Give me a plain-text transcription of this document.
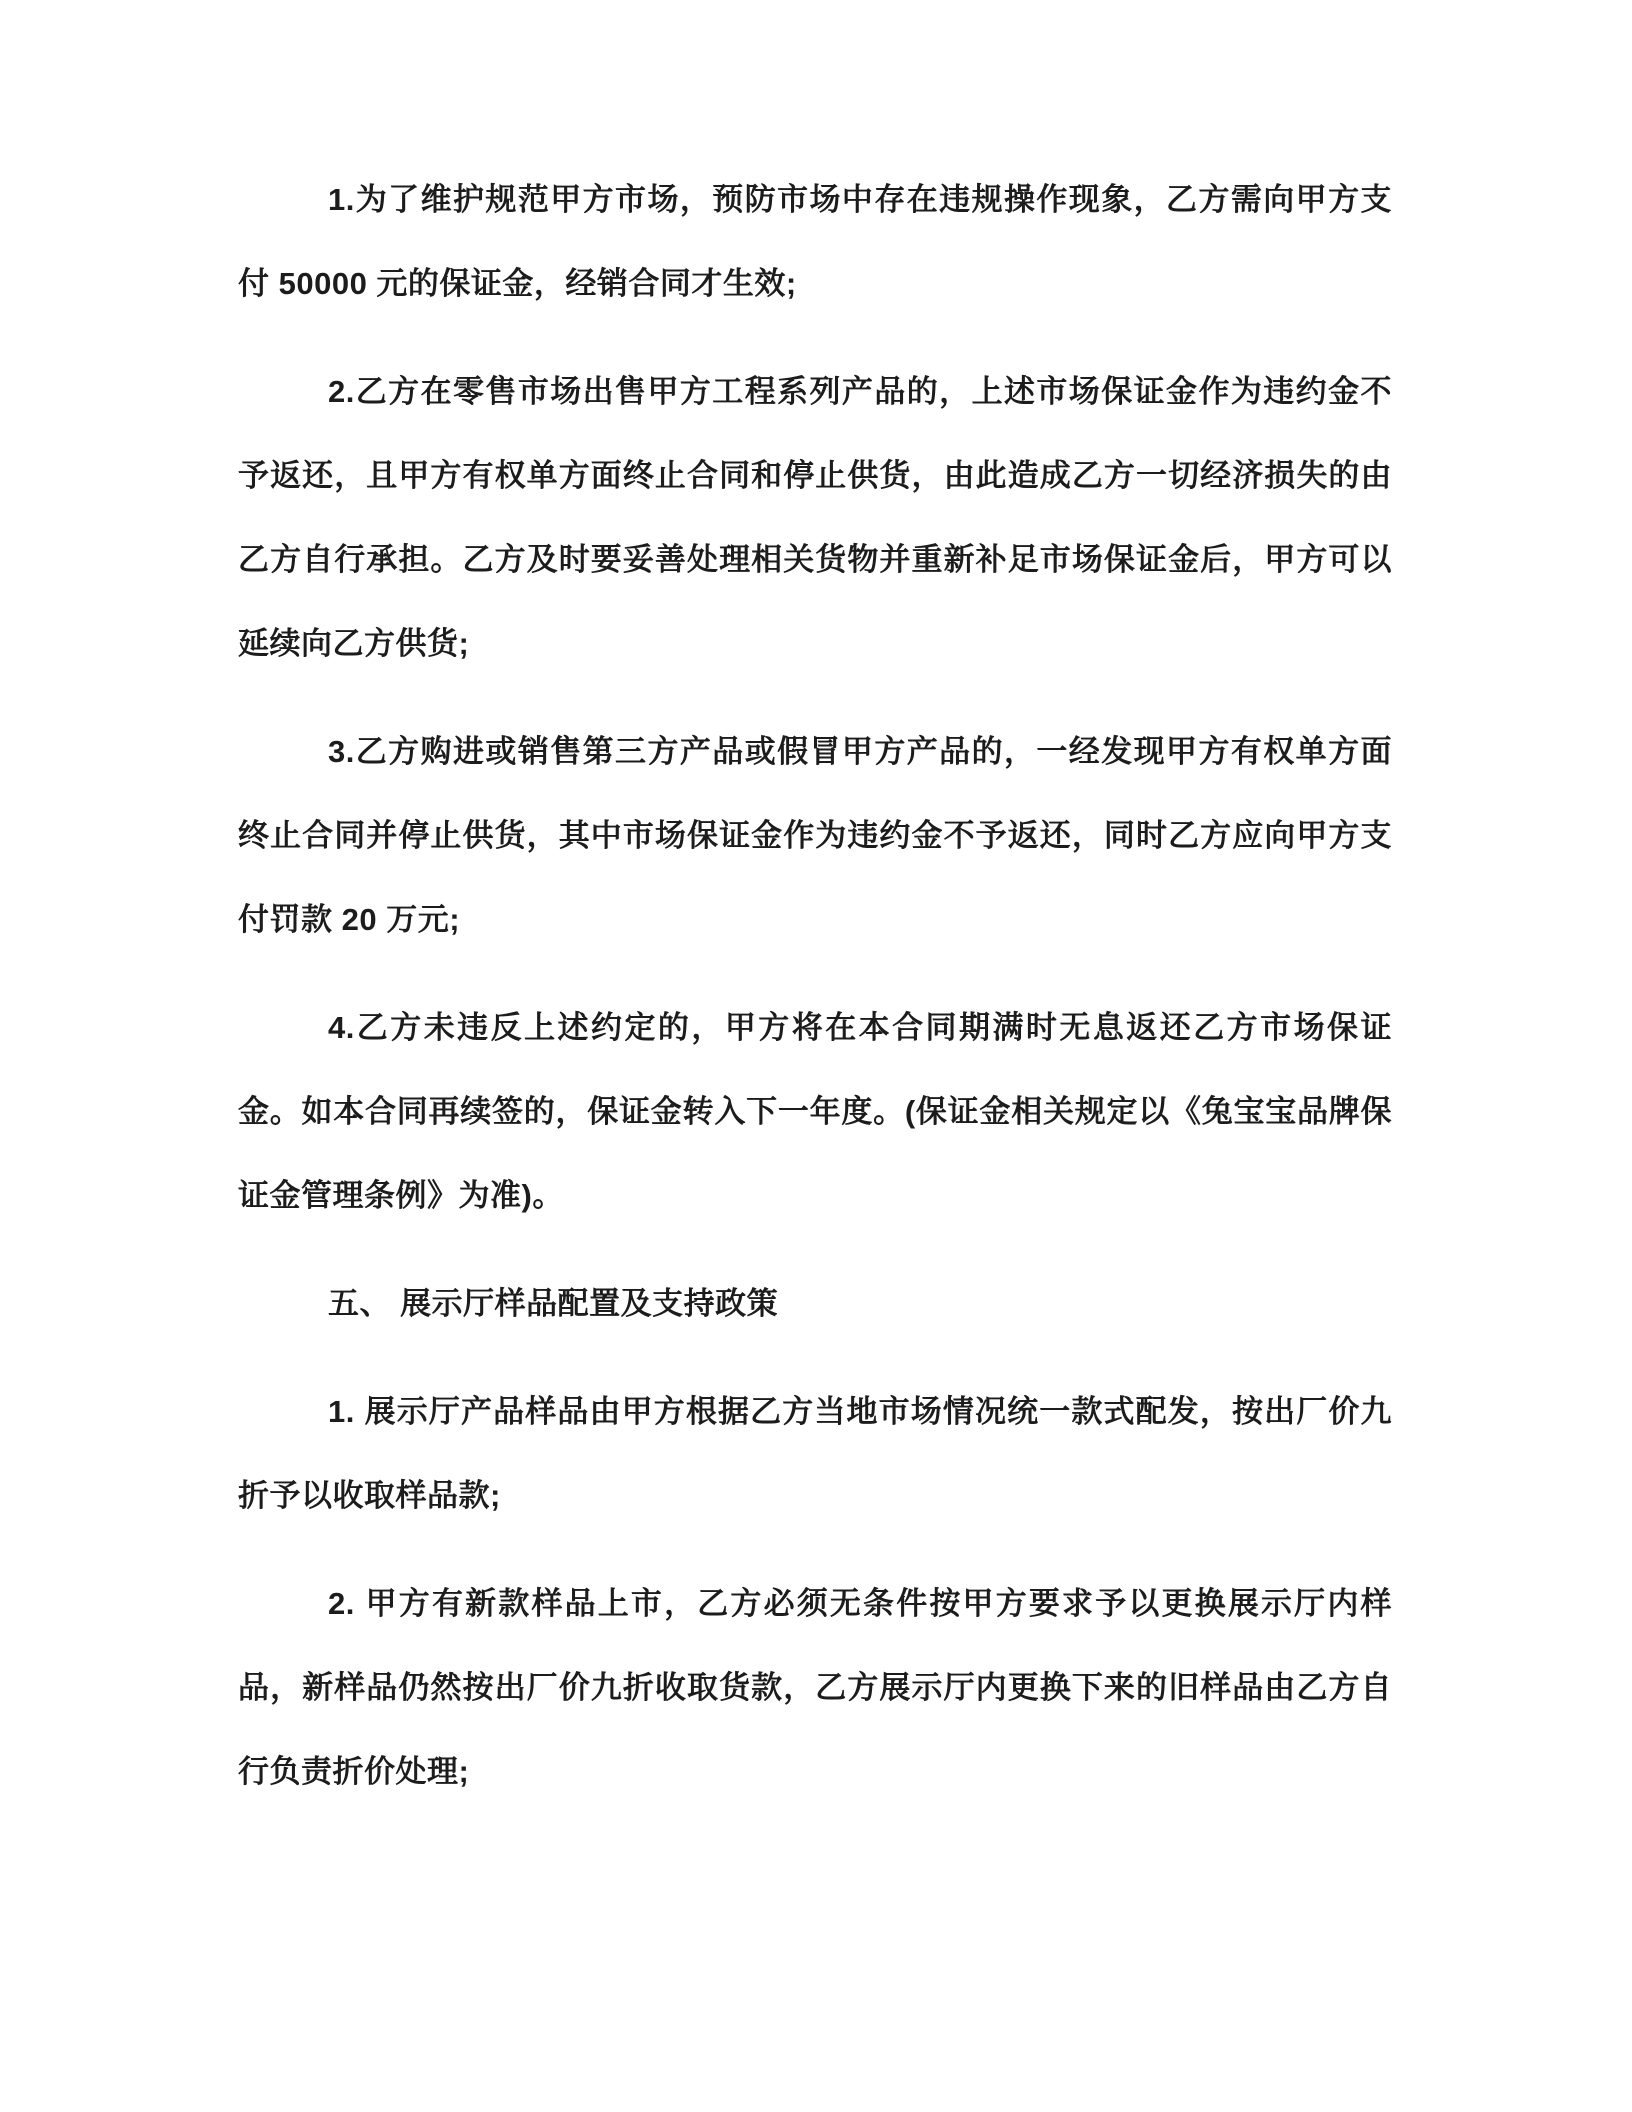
1.为了维护规范甲方市场，预防市场中存在违规操作现象，乙方需向甲方支付 50000 元的保证金，经销合同才生效;

2.乙方在零售市场出售甲方工程系列产品的，上述市场保证金作为违约金不予返还，且甲方有权单方面终止合同和停止供货，由此造成乙方一切经济损失的由乙方自行承担。乙方及时要妥善处理相关货物并重新补足市场保证金后，甲方可以延续向乙方供货;

3.乙方购进或销售第三方产品或假冒甲方产品的，一经发现甲方有权单方面终止合同并停止供货，其中市场保证金作为违约金不予返还，同时乙方应向甲方支付罚款 20 万元;

4.乙方未违反上述约定的，甲方将在本合同期满时无息返还乙方市场保证金。如本合同再续签的，保证金转入下一年度。(保证金相关规定以《兔宝宝品牌保证金管理条例》为准)。

五、 展示厅样品配置及支持政策

1. 展示厅产品样品由甲方根据乙方当地市场情况统一款式配发，按出厂价九折予以收取样品款;

2. 甲方有新款样品上市，乙方必须无条件按甲方要求予以更换展示厅内样品，新样品仍然按出厂价九折收取货款，乙方展示厅内更换下来的旧样品由乙方自行负责折价处理;
